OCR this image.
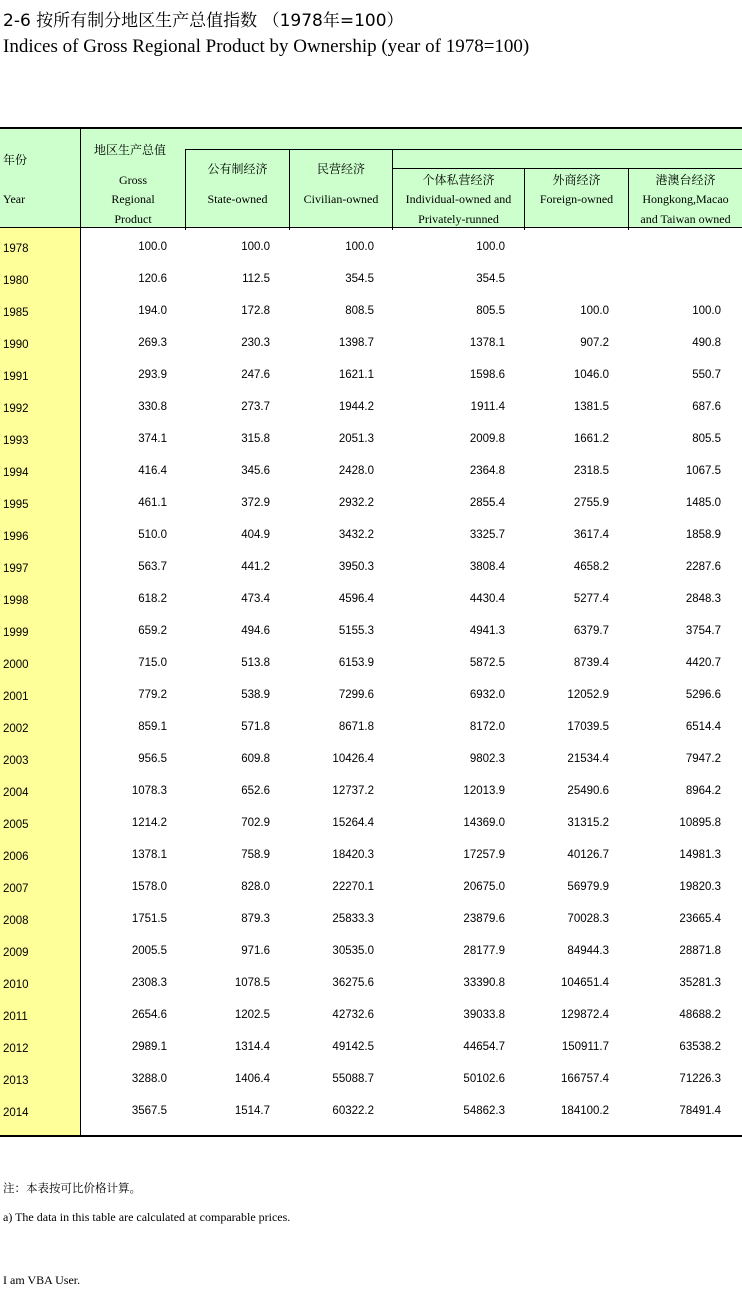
2-6 按所有制分地区生产总值指数 （1978年=100）
Indices of Gross Regional Product by Ownership (year of 1978=100)
年份
Year
地区生产总值
Gross
Regional
Product
公有制经济
State-owned
民营经济
Civilian-owned
个体私营经济
Individual-owned and
Privately-runned
外商经济
Foreign-owned
港澳台经济
Hongkong,Macao
and Taiwan owned
1978	100.0	100.0	100.0	100.0
1980	120.6	112.5	354.5	354.5
1985	194.0	172.8	808.5	805.5	100.0	100.0
1990	269.3	230.3	1398.7	1378.1	907.2	490.8
1991	293.9	247.6	1621.1	1598.6	1046.0	550.7
1992	330.8	273.7	1944.2	1911.4	1381.5	687.6
1993	374.1	315.8	2051.3	2009.8	1661.2	805.5
1994	416.4	345.6	2428.0	2364.8	2318.5	1067.5
1995	461.1	372.9	2932.2	2855.4	2755.9	1485.0
1996	510.0	404.9	3432.2	3325.7	3617.4	1858.9
1997	563.7	441.2	3950.3	3808.4	4658.2	2287.6
1998	618.2	473.4	4596.4	4430.4	5277.4	2848.3
1999	659.2	494.6	5155.3	4941.3	6379.7	3754.7
2000	715.0	513.8	6153.9	5872.5	8739.4	4420.7
2001	779.2	538.9	7299.6	6932.0	12052.9	5296.6
2002	859.1	571.8	8671.8	8172.0	17039.5	6514.4
2003	956.5	609.8	10426.4	9802.3	21534.4	7947.2
2004	1078.3	652.6	12737.2	12013.9	25490.6	8964.2
2005	1214.2	702.9	15264.4	14369.0	31315.2	10895.8
2006	1378.1	758.9	18420.3	17257.9	40126.7	14981.3
2007	1578.0	828.0	22270.1	20675.0	56979.9	19820.3
2008	1751.5	879.3	25833.3	23879.6	70028.3	23665.4
2009	2005.5	971.6	30535.0	28177.9	84944.3	28871.8
2010	2308.3	1078.5	36275.6	33390.8	104651.4	35281.3
2011	2654.6	1202.5	42732.6	39033.8	129872.4	48688.2
2012	2989.1	1314.4	49142.5	44654.7	150911.7	63538.2
2013	3288.0	1406.4	55088.7	50102.6	166757.4	71226.3
2014	3567.5	1514.7	60322.2	54862.3	184100.2	78491.4
注：本表按可比价格计算。
a) The data in this table are calculated at comparable prices.
I am VBA User.
